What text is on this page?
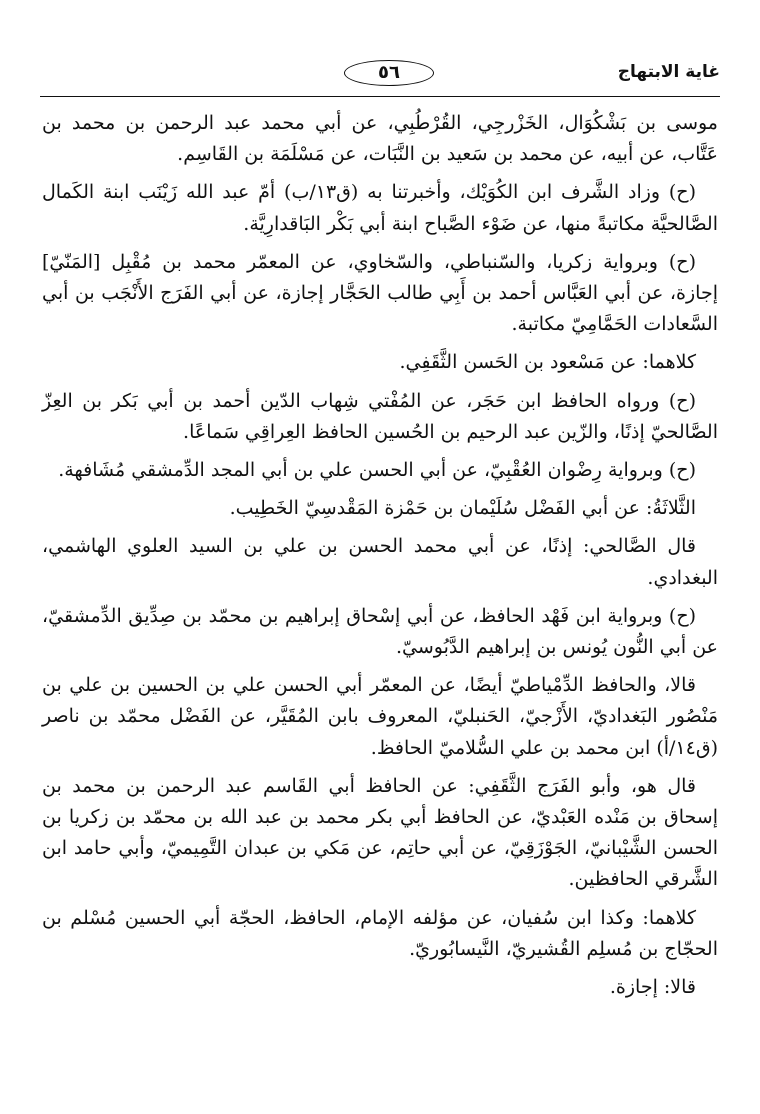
غاية الابتهاج
٥٦

موسى بن بَشْكُوَال، الخَزْرجِي، القُرْطُبِي، عن أبي محمد عبد الرحمن بن محمد بن عَتَّاب، عن أبيه، عن محمد بن سَعيد بن النَّبَات، عن مَسْلَمَة بن القَاسِم.

(ح) وزاد الشَّرف ابن الكُوَيْك، وأخبرتنا به (ق١٣/ب) أمّ عبد الله زَيْنَب ابنة الكَمال الصَّالحيَّة مكاتبةً منها، عن ضَوْء الصَّباح ابنة أبي بَكْر البَاقدارِيَّة.

(ح) وبرواية زكريا، والسّنباطي، والسّخاوي، عن المعمّر محمد بن مُقْبِل [المَنّيّ] إجازة، عن أبي العَبَّاس أحمد بن أَبِي طالب الحَجَّار إجازة، عن أبي الفَرَج الأَنْجَب بن أبي السَّعادات الحَمَّامِيّ مكاتبة.

كلاهما: عن مَسْعود بن الحَسن الثَّقَفِي.

(ح) ورواه الحافظ ابن حَجَر، عن المُفْتي شِهاب الدّين أحمد بن أبي بَكر بن العِزّ الصَّالحيّ إذنًا، والزّين عبد الرحيم بن الحُسين الحافظ العِراقِي سَماعًا.

(ح) وبرواية رِضْوان العُقْبِيّ، عن أبي الحسن علي بن أبي المجد الدِّمشقي مُشَافهة.

الثَّلاثَةُ: عن أبي الفَضْل سُلَيْمان بن حَمْزة المَقْدسِيّ الخَطِيب.

قال الصَّالحي: إذنًا، عن أبي محمد الحسن بن علي بن السيد العلوي الهاشمي، البغدادي.

(ح) وبرواية ابن فَهْد الحافظ، عن أبي إسْحاق إبراهيم بن محمّد بن صِدِّيق الدِّمشقيّ، عن أبي النُّون يُونس بن إبراهيم الدَّبُوسيّ.

قالا، والحافظ الدِّمْياطيّ أيضًا، عن المعمّر أبي الحسن علي بن الحسين بن علي بن مَنْصُور البَغداديّ، الأَزْجيّ، الحَنبليّ، المعروف بابن المُقَيَّر، عن الفَضْل محمّد بن ناصر (ق١٤/أ) ابن محمد بن علي السُّلاميّ الحافظ.

قال هو، وأبو الفَرَج الثَّقَفِي: عن الحافظ أبي القَاسم عبد الرحمن بن محمد بن إسحاق بن مَنْده العَبْديّ، عن الحافظ أبي بكر محمد بن عبد الله بن محمّد بن زكريا بن الحسن الشَّيْبانيّ، الجَوْزَقِيّ، عن أبي حاتِم، عن مَكي بن عبدان التَّمِيميّ، وأبي حامد ابن الشَّرقي الحافظين.

كلاهما: وكذا ابن سُفيان، عن مؤلفه الإمام، الحافظ، الحجّة أبي الحسين مُسْلم بن الحجّاج بن مُسلِم القُشيريّ، النَّيسابُوريّ.

قالا: إجازة.
